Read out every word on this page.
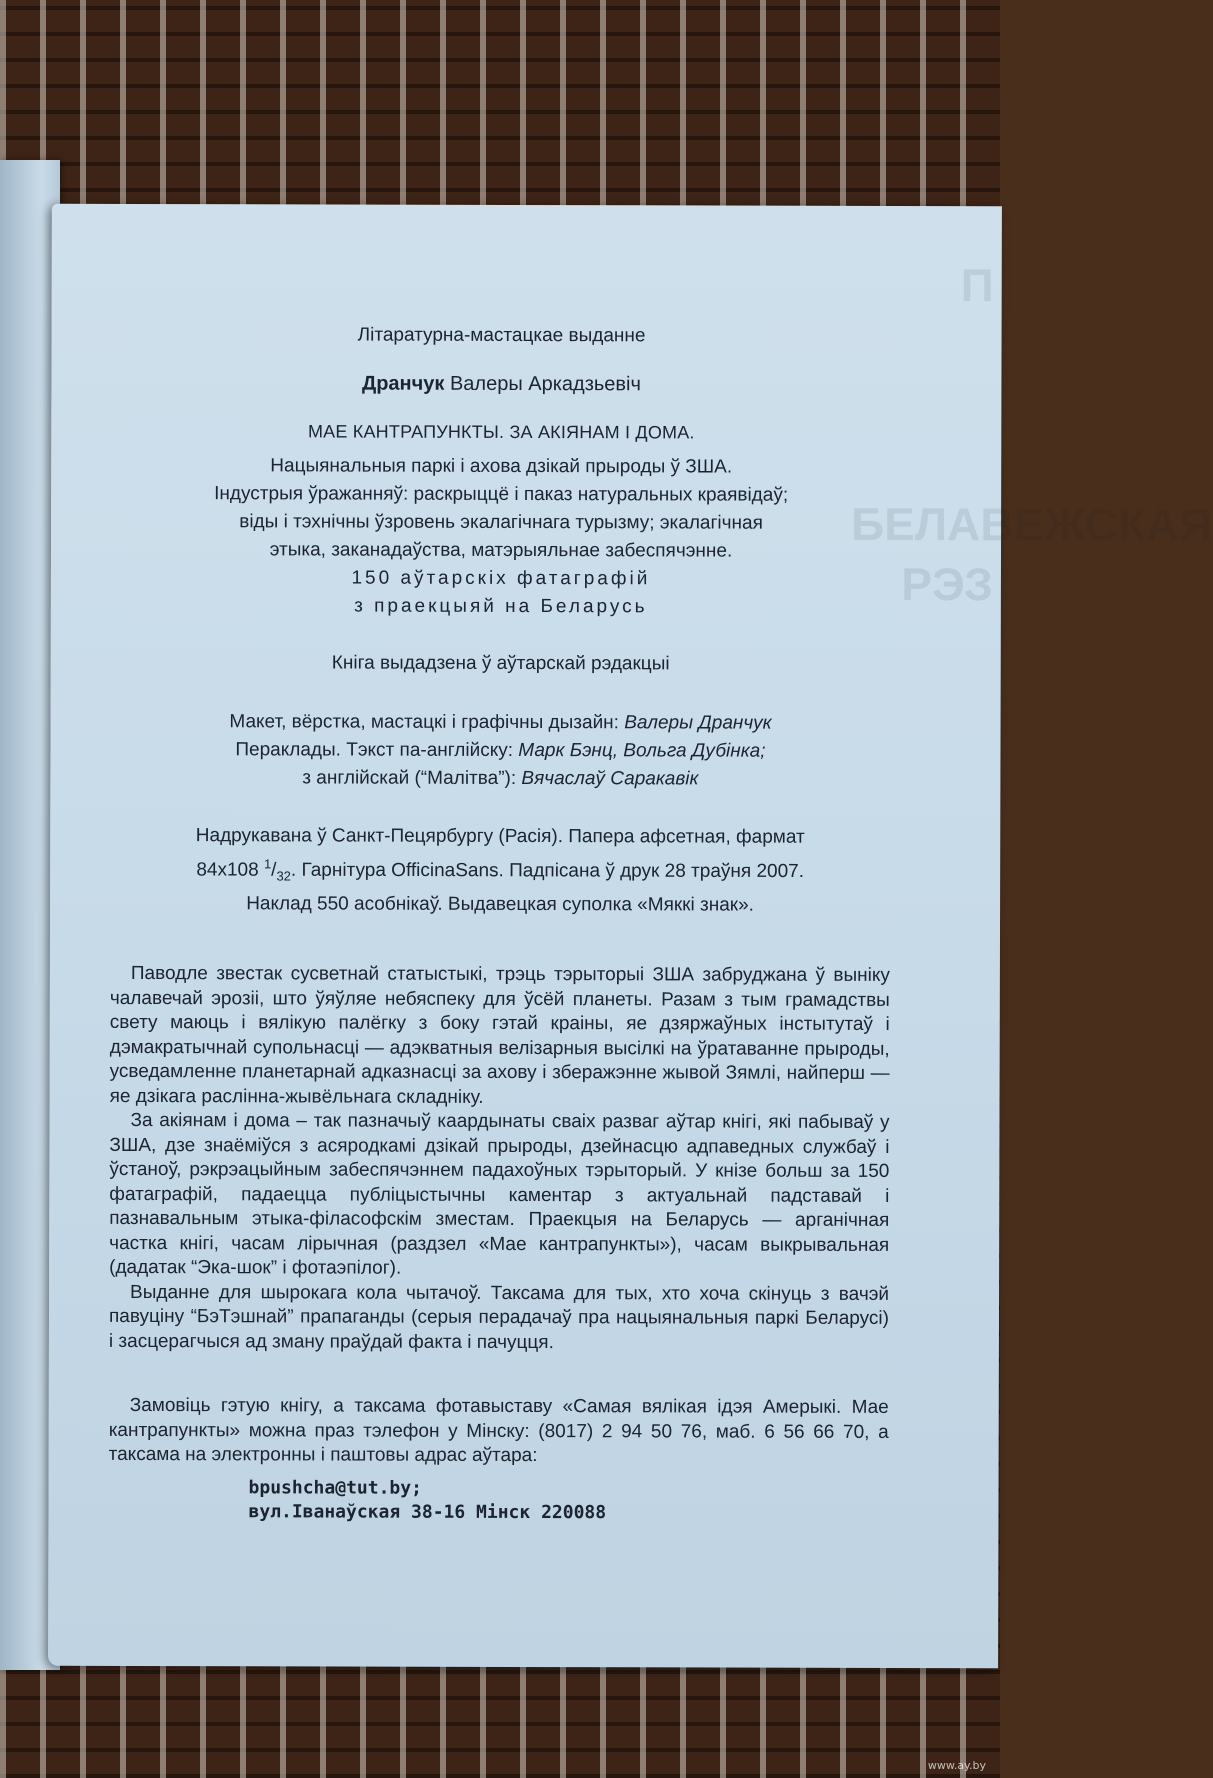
П

БЕЛАВЕЖСКАЯ
РЭЗ

Літаратурна-мастацкае выданне

Дранчук Валеры Аркадзьевіч

МАЕ КАНТРАПУНКТЫ. ЗА АКІЯНАМ І ДОМА.

Нацыянальныя паркі і ахова дзікай прыроды ў ЗША.
Індустрыя ўражанняў: раскрыццё і паказ натуральных краявідаў;
віды і тэхнічны ўзровень экалагічнага турызму; экалагічная
этыка, заканадаўства, матэрыяльнае забеспячэнне.
150 аўтарскіх фатаграфій
з праекцыяй на Беларусь

Кніга выдадзена ў аўтарскай рэдакцыі

Макет, вёрстка, мастацкі і графічны дызайн: Валеры Дранчук
Пераклады. Тэкст па-англійску: Марк Бэнц, Вольга Дубінка;
з англійскай (“Малітва”): Вячаслаў Саракавік
Надрукавана ў Санкт-Пецярбургу (Расія). Папера афсетная, фармат
84х108 $^1/_{32}$. Гарнітура OfficinaSans. Падпісана ў друк 28 траўня 2007.
Наклад 550 асобнікаў. Выдавецкая суполка «Мяккі знак».

Паводле звестак сусветнай статыстыкі, трэць тэрыторыі ЗША забруджана ў выніку чалавечай эрозіі, што ўяўляе небяспеку для ўсёй планеты. Разам з тым грамадствы свету маюць і вялікую палёгку з боку гэтай краіны, яе дзяржаўных інстытутаў і дэмакратычнай супольнасці — адэкватныя велізарныя высілкі на ўратаванне прыроды, усведамленне планетарнай адказнасці за ахову і зберажэнне жывой Зямлі, найперш — яе дзікага раслінна-жывёльнага складніку.

За акіянам і дома – так пазначыў каардынаты сваіх разваг аўтар кнігі, які пабываў у ЗША, дзе знаёміўся з асяродкамі дзікай прыроды, дзейнасцю адпаведных службаў і ўстаноў, рэкрэацыйным забеспячэннем падахоўных тэрыторый. У кнізе больш за 150 фатаграфій, падаецца публіцыстычны каментар з актуальнай падставай і пазнавальным этыка-філасофскім зместам. Праекцыя на Беларусь — арганічная частка кнігі, часам лірычная (раздзел «Мае кантрапункты»), часам выкрывальная (дадатак “Эка-шок” і фотаэпілог).

Выданне для шырокага кола чытачоў. Таксама для тых, хто хоча скінуць з вачэй павуціну “БэТэшнай” прапаганды (серыя перадачаў пра нацыянальныя паркі Беларусі) і засцерагчыся ад зману праўдай факта і пачуцця.

Замовіць гэтую кнігу, а таксама фотавыставу «Самая вялікая ідэя Амерыкі. Мае кантрапункты» можна праз тэлефон у Мінску: (8017) 2 94 50 76, маб. 6 56 66 70, а таксама на электронны і паштовы адрас аўтара:

bpushcha@tut.by;
вул.Іванаўская 38-16 Мінск 220088
www.ay.by
